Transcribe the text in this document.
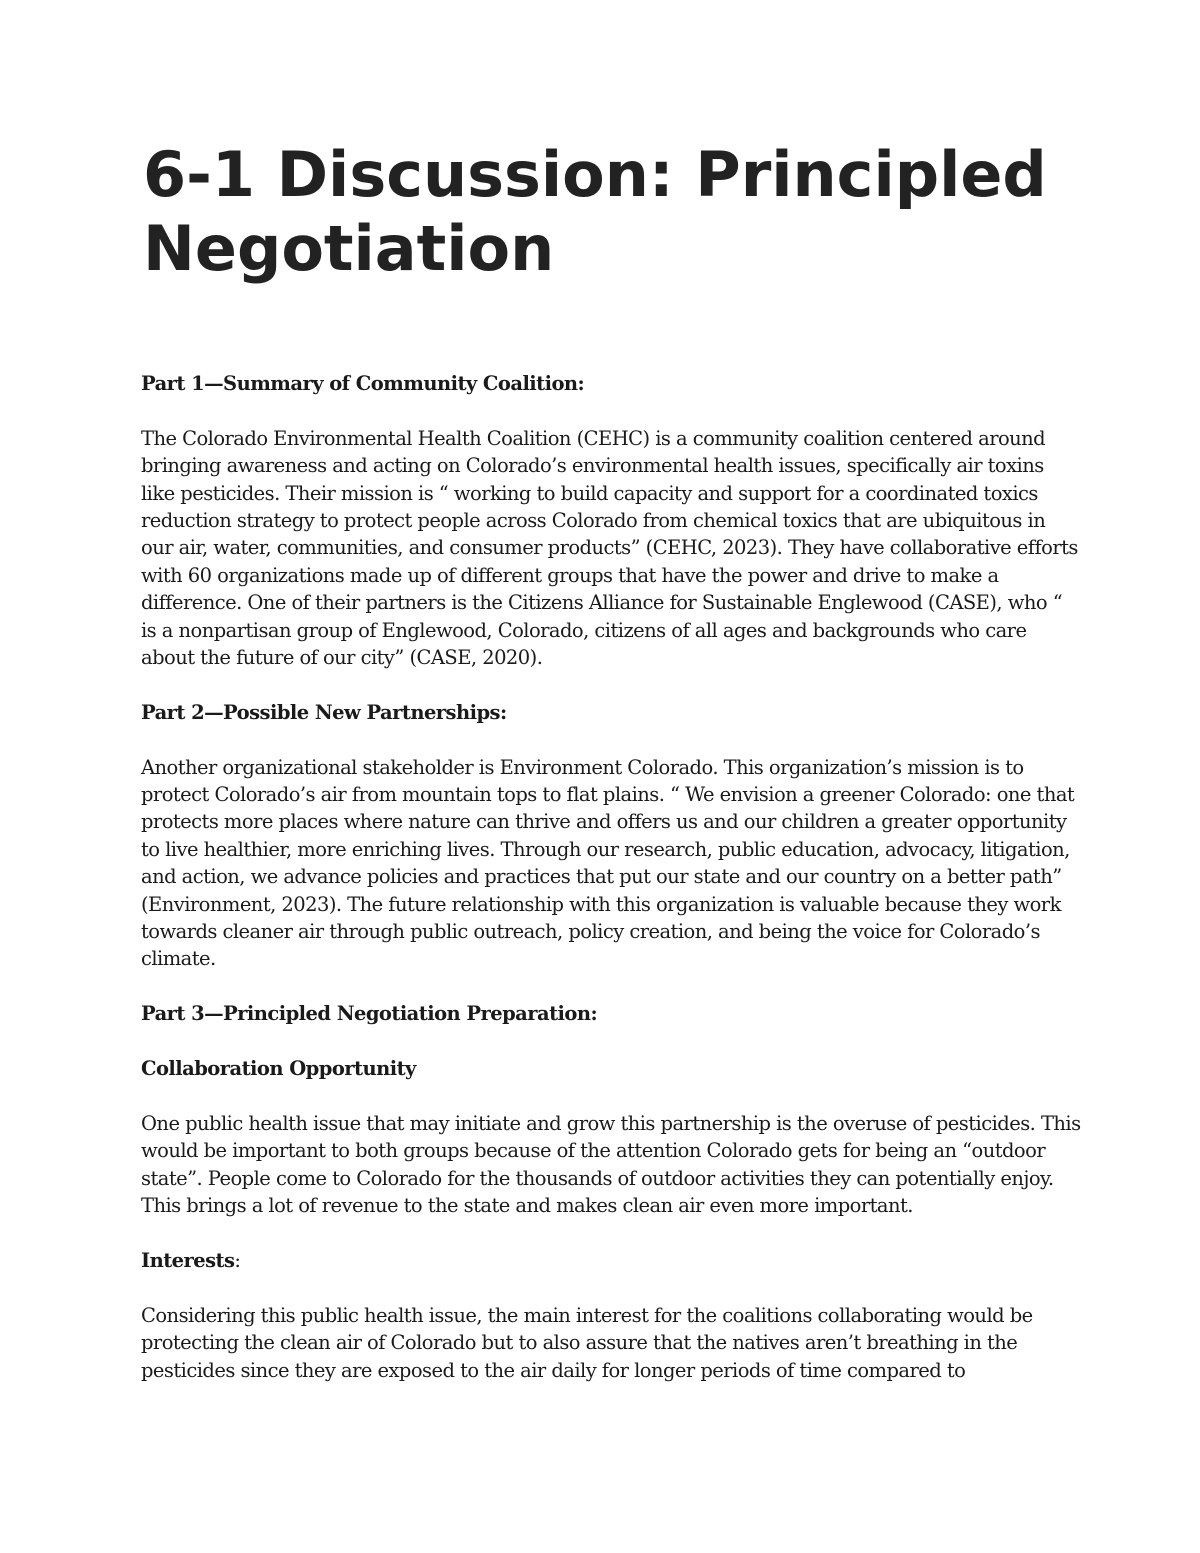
6-1 Discussion: Principled Negotiation

Part 1—Summary of Community Coalition:

The Colorado Environmental Health Coalition (CEHC) is a community coalition centered around bringing awareness and acting on Colorado’s environmental health issues, specifically air toxins like pesticides. Their mission is “ working to build capacity and support for a coordinated toxics reduction strategy to protect people across Colorado from chemical toxics that are ubiquitous in our air, water, communities, and consumer products” (CEHC, 2023). They have collaborative efforts with 60 organizations made up of different groups that have the power and drive to make a difference. One of their partners is the Citizens Alliance for Sustainable Englewood (CASE), who “ is a nonpartisan group of Englewood, Colorado, citizens of all ages and backgrounds who care about the future of our city” (CASE, 2020).

Part 2—Possible New Partnerships:

Another organizational stakeholder is Environment Colorado. This organization’s mission is to protect Colorado’s air from mountain tops to flat plains. “ We envision a greener Colorado: one that protects more places where nature can thrive and offers us and our children a greater opportunity to live healthier, more enriching lives. Through our research, public education, advocacy, litigation, and action, we advance policies and practices that put our state and our country on a better path” (Environment, 2023). The future relationship with this organization is valuable because they work towards cleaner air through public outreach, policy creation, and being the voice for Colorado’s climate.

Part 3—Principled Negotiation Preparation:

Collaboration Opportunity

One public health issue that may initiate and grow this partnership is the overuse of pesticides. This would be important to both groups because of the attention Colorado gets for being an “outdoor state”. People come to Colorado for the thousands of outdoor activities they can potentially enjoy. This brings a lot of revenue to the state and makes clean air even more important.

Interests:

Considering this public health issue, the main interest for the coalitions collaborating would be protecting the clean air of Colorado but to also assure that the natives aren’t breathing in the pesticides since they are exposed to the air daily for longer periods of time compared to
